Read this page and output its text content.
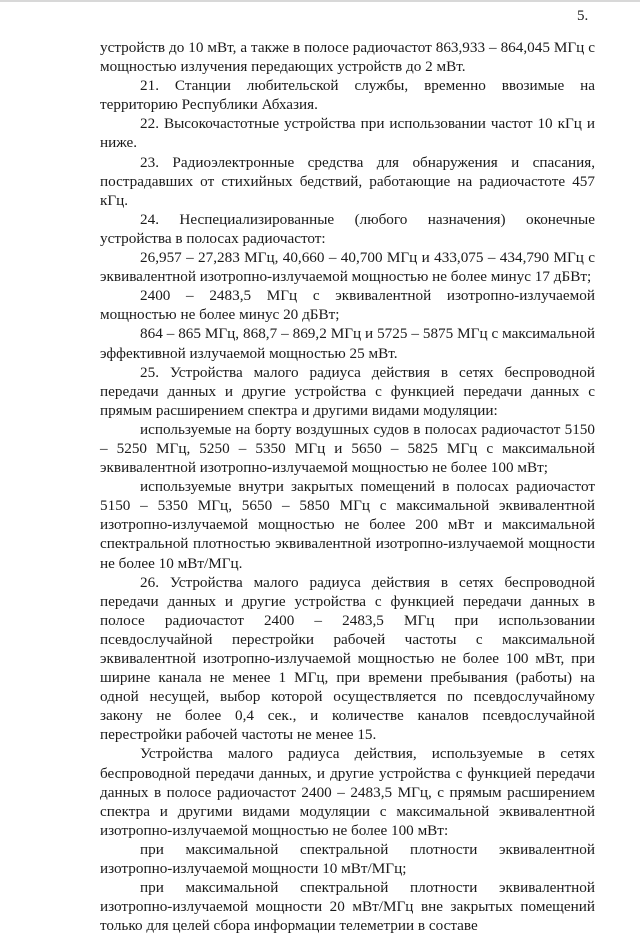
5.

устройств до 10 мВт, а также в полосе радиочастот 863,933 – 864,045 МГц с мощностью излучения передающих устройств до 2 мВт.

21. Станции любительской службы, временно ввозимые на территорию Республики Абхазия.

22. Высокочастотные устройства при использовании частот 10 кГц и ниже.

23. Радиоэлектронные средства для обнаружения и спасания, пострадавших от стихийных бедствий, работающие на радиочастоте 457 кГц.

24. Неспециализированные (любого назначения) оконечные устройства в полосах радиочастот:

26,957 – 27,283 МГц, 40,660 – 40,700 МГц и 433,075 – 434,790 МГц с эквивалентной изотропно-излучаемой мощностью не более минус 17 дБВт;

2400 – 2483,5 МГц с эквивалентной изотропно-излучаемой мощностью не более минус 20 дБВт;

864 – 865 МГц, 868,7 – 869,2 МГц и 5725 – 5875 МГц с максимальной эффективной излучаемой мощностью 25 мВт.

25. Устройства малого радиуса действия в сетях беспроводной передачи данных и другие устройства с функцией передачи данных с прямым расширением спектра и другими видами модуляции:

используемые на борту воздушных судов в полосах радиочастот 5150 – 5250 МГц, 5250 – 5350 МГц и 5650 – 5825 МГц с максимальной эквивалентной изотропно-излучаемой мощностью не более 100 мВт;

используемые внутри закрытых помещений в полосах радиочастот 5150 – 5350 МГц, 5650 – 5850 МГц с максимальной эквивалентной изотропно-излучаемой мощностью не более 200 мВт и максимальной спектральной плотностью эквивалентной изотропно-излучаемой мощности не более 10 мВт/МГц.

26. Устройства малого радиуса действия в сетях беспроводной передачи данных и другие устройства с функцией передачи данных в полосе радиочастот 2400 – 2483,5 МГц при использовании псевдослучайной перестройки рабочей частоты с максимальной эквивалентной изотропно-излучаемой мощностью не более 100 мВт, при ширине канала не менее 1 МГц, при времени пребывания (работы) на одной несущей, выбор которой осуществляется по псевдослучайному закону не более 0,4 сек., и количестве каналов псевдослучайной перестройки рабочей частоты не менее 15.

Устройства малого радиуса действия, используемые в сетях беспроводной передачи данных, и другие устройства с функцией передачи данных в полосе радиочастот 2400 – 2483,5 МГц, с прямым расширением спектра и другими видами модуляции с максимальной эквивалентной изотропно-излучаемой мощностью не более 100 мВт:

при максимальной спектральной плотности эквивалентной изотропно-излучаемой мощности 10 мВт/МГц;

при максимальной спектральной плотности эквивалентной изотропно-излучаемой мощности 20 мВт/МГц вне закрытых помещений только для целей сбора информации телеметрии в составе
